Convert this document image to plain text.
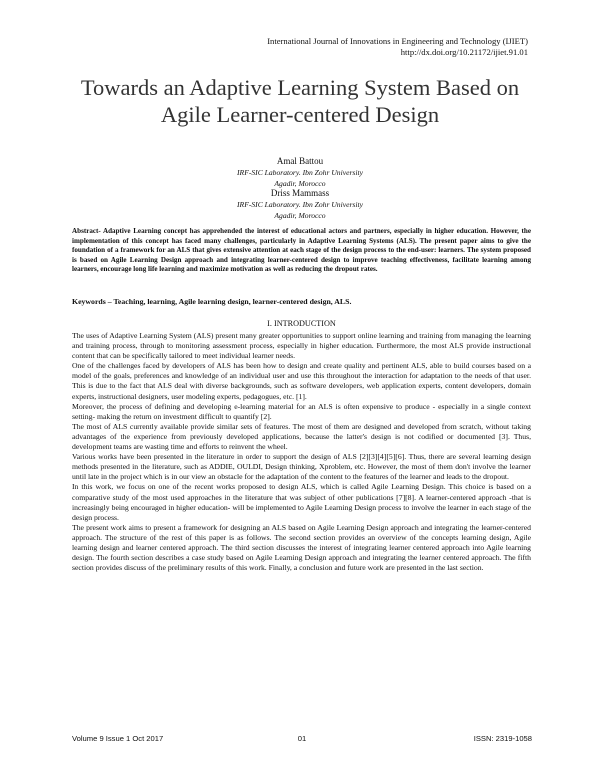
International Journal of Innovations in Engineering and Technology (IJIET)
http://dx.doi.org/10.21172/ijiet.91.01
Towards an Adaptive Learning System Based on Agile Learner-centered Design
Amal Battou
IRF-SIC Laboratory. Ibn Zohr University
Agadir, Morocco
Driss Mammass
IRF-SIC Laboratory. Ibn Zohr University
Agadir, Morocco
Abstract- Adaptive Learning concept has apprehended the interest of educational actors and partners, especially in higher education. However, the implementation of this concept has faced many challenges, particularly in Adaptive Learning Systems (ALS). The present paper aims to give the foundation of a framework for an ALS that gives extensive attention at each stage of the design process to the end-user: learners. The system proposed is based on Agile Learning Design approach and integrating learner-centered design to improve teaching effectiveness, facilitate learning among learners, encourage long life learning and maximize motivation as well as reducing the dropout rates.
Keywords – Teaching, learning, Agile learning design, learner-centered design, ALS.
I. INTRODUCTION

The uses of Adaptive Learning System (ALS) present many greater opportunities to support online learning and training from managing the learning and training process, through to monitoring assessment process, especially in higher education. Furthermore, the most ALS provide instructional content that can be specifically tailored to meet individual learner needs.

One of the challenges faced by developers of ALS has been how to design and create quality and pertinent ALS, able to build courses based on a model of the goals, preferences and knowledge of an individual user and use this throughout the interaction for adaptation to the needs of that user. This is due to the fact that ALS deal with diverse backgrounds, such as software developers, web application experts, content developers, domain experts, instructional designers, user modeling experts, pedagogues, etc. [1].

Moreover, the process of defining and developing e-learning material for an ALS is often expensive to produce - especially in a single context setting- making the return on investment difficult to quantify [2].

The most of ALS currently available provide similar sets of features. The most of them are designed and developed from scratch, without taking advantages of the experience from previously developed applications, because the latter's design is not codified or documented [3]. Thus, development teams are wasting time and efforts to reinvent the wheel.

Various works have been presented in the literature in order to support the design of ALS [2][3][4][5][6]. Thus, there are several learning design methods presented in the literature, such as ADDIE, OULDI, Design thinking, Xproblem, etc. However, the most of them don't involve the learner until late in the project which is in our view an obstacle for the adaptation of the content to the features of the learner and leads to the dropout.

In this work, we focus on one of the recent works proposed to design ALS, which is called Agile Learning Design. This choice is based on a comparative study of the most used approaches in the literature that was subject of other publications [7][8]. A learner-centered approach -that is increasingly being encouraged in higher education- will be implemented to Agile Learning Design process to involve the learner in each stage of the design process.

The present work aims to present a framework for designing an ALS based on Agile Learning Design approach and integrating the learner-centered approach. The structure of the rest of this paper is as follows. The second section provides an overview of the concepts learning design, Agile learning design and learner centered approach. The third section discusses the interest of integrating learner centered approach into Agile learning design. The fourth section describes a case study based on Agile Learning Design approach and integrating the learner centered approach. The fifth section provides discuss of the preliminary results of this work. Finally, a conclusion and future work are presented in the last section.

Volume 9 Issue 1 Oct 2017	01	ISSN: 2319-1058
